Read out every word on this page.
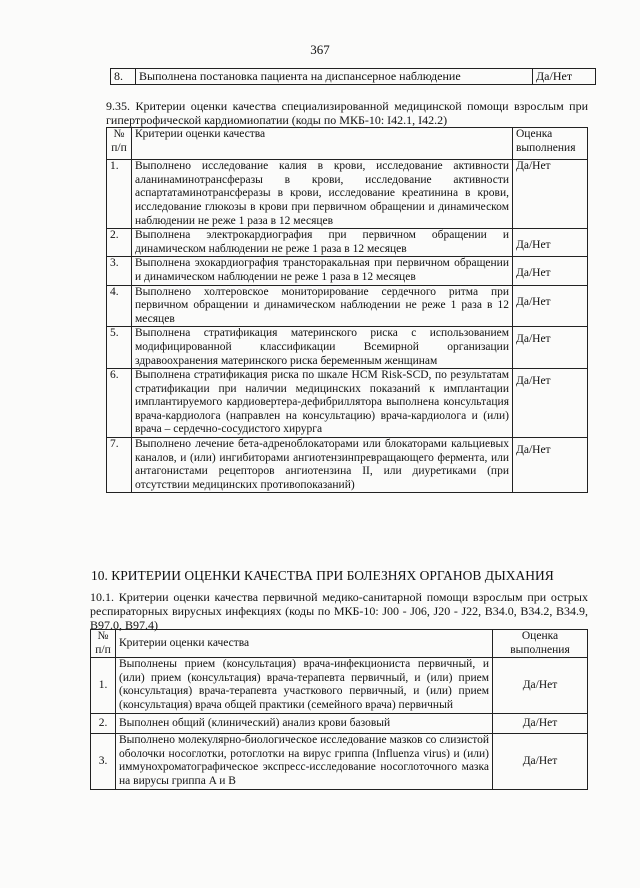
367
8.	Выполнена постановка пациента на диспансерное наблюдение	Да/Нет
9.35. Критерии оценки качества специализированной медицинской помощи взрослым при гипертрофической кардиомиопатии (коды по МКБ-10: I42.1, I42.2)
№ п/п	Критерии оценки качества	Оценка выполнения
1.	Выполнено исследование калия в крови, исследование активности аланинаминотрансферазы в крови, исследование активности аспартатаминотрансферазы в крови, исследование креатинина в крови, исследование глюкозы в крови при первичном обращении и динамическом наблюдении не реже 1 раза в 12 месяцев	Да/Нет
2.	Выполнена электрокардиография при первичном обращении и динамическом наблюдении не реже 1 раза в 12 месяцев	Да/Нет
3.	Выполнена эхокардиография трансторакальная при первичном обращении и динамическом наблюдении не реже 1 раза в 12 месяцев	Да/Нет
4.	Выполнено холтеровское мониторирование сердечного ритма при первичном обращении и динамическом наблюдении не реже 1 раза в 12 месяцев	Да/Нет
5.	Выполнена стратификация материнского риска с использованием модифицированной классификации Всемирной организации здравоохранения материнского риска беременным женщинам	Да/Нет
6.	Выполнена стратификация риска по шкале HCM Risk-SCD, по результатам стратификации при наличии медицинских показаний к имплантации имплантируемого кардиовертера-дефибриллятора выполнена консультация врача-кардиолога (направлен на консультацию) врача-кардиолога и (или) врача – сердечно-сосудистого хирурга	Да/Нет
7.	Выполнено лечение бета-адреноблокаторами или блокаторами кальциевых каналов, и (или) ингибиторами ангиотензинпревращающего фермента, или антагонистами рецепторов ангиотензина II, или диуретиками (при отсутствии медицинских противопоказаний)	Да/Нет
10. КРИТЕРИИ ОЦЕНКИ КАЧЕСТВА ПРИ БОЛЕЗНЯХ ОРГАНОВ ДЫХАНИЯ
10.1. Критерии оценки качества первичной медико-санитарной помощи взрослым при острых респираторных вирусных инфекциях (коды по МКБ-10: J00 - J06, J20 - J22, B34.0, B34.2, B34.9, B97.0, B97.4)
№ п/п	Критерии оценки качества	Оценка выполнения
1.	Выполнены прием (консультация) врача-инфекциониста первичный, и (или) прием (консультация) врача-терапевта первичный, и (или) прием (консультация) врача-терапевта участкового первичный, и (или) прием (консультация) врача общей практики (семейного врача) первичный	Да/Нет
2.	Выполнен общий (клинический) анализ крови базовый	Да/Нет
3.	Выполнено молекулярно-биологическое исследование мазков со слизистой оболочки носоглотки, ротоглотки на вирус гриппа (Influenza virus) и (или) иммунохроматографическое экспресс-исследование носоглоточного мазка на вирусы гриппа A и B	Да/Нет
